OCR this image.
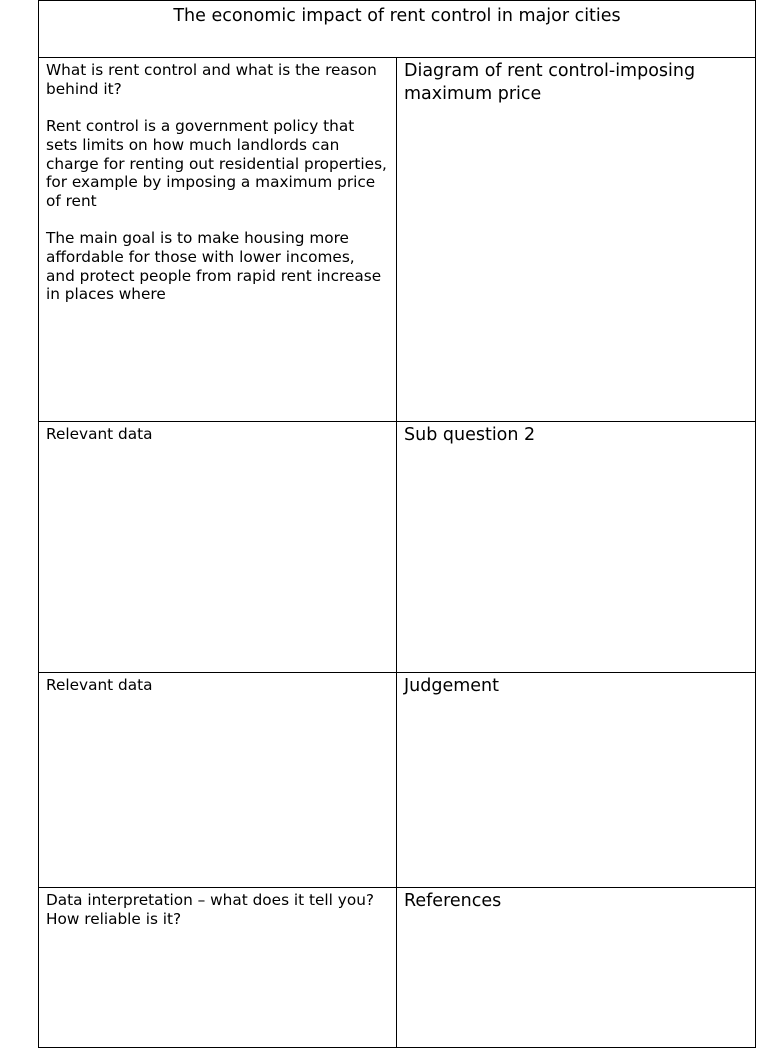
The economic impact of rent control in major cities	

What is rent control and what is the reason behind it?

Rent control is a government policy that sets limits on how much landlords can charge for renting out residential properties, for example by imposing a maximum price of rent

The main goal is to make housing more affordable for those with lower incomes, and protect people from rapid rent increase in places where	Diagram of rent control-imposing maximum price

Relevant data	Sub question 2

Relevant data	Judgement

Data interpretation – what does it tell you? How reliable is it?	References
